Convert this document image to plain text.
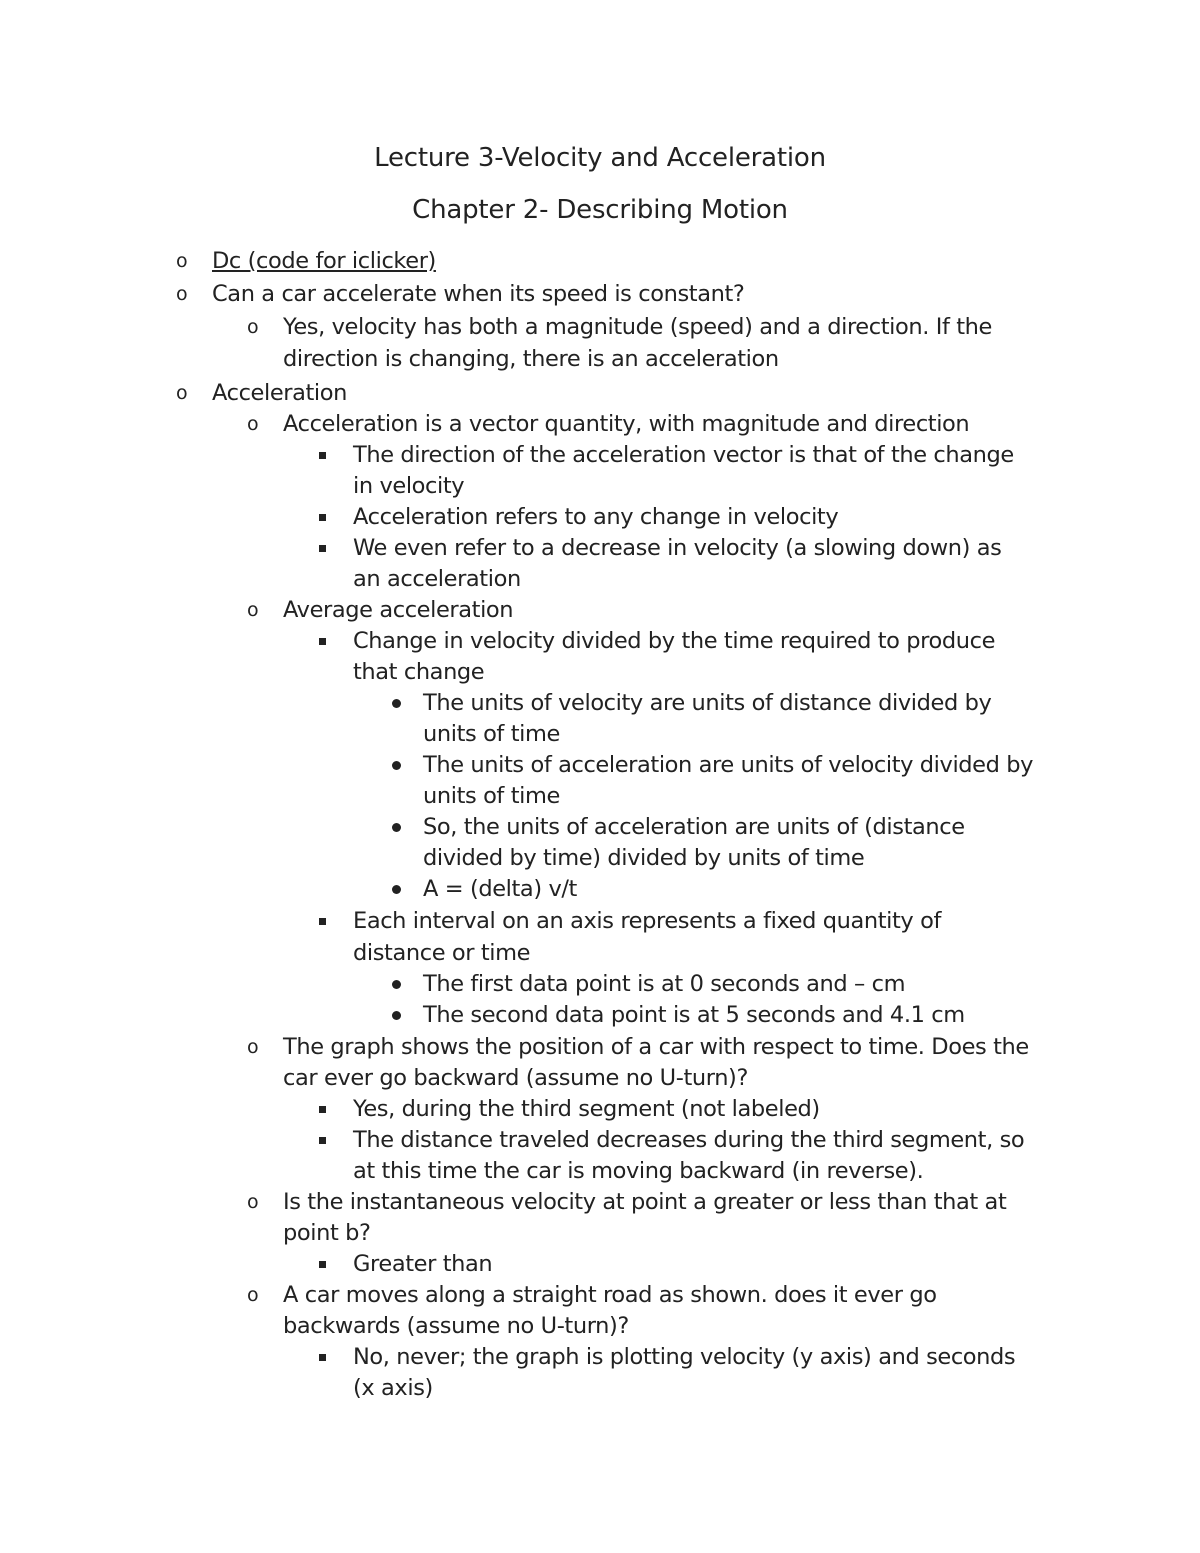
Lecture 3-Velocity and Acceleration
Chapter 2- Describing Motion
o Dc (code for iclicker)
o Can a car accelerate when its speed is constant?
o Yes, velocity has both a magnitude (speed) and a direction. If the
direction is changing, there is an acceleration
o Acceleration
o Acceleration is a vector quantity, with magnitude and direction
The direction of the acceleration vector is that of the change
in velocity
Acceleration refers to any change in velocity
We even refer to a decrease in velocity (a slowing down) as
an acceleration
o Average acceleration
Change in velocity divided by the time required to produce
that change
The units of velocity are units of distance divided by
units of time
The units of acceleration are units of velocity divided by
units of time
So, the units of acceleration are units of (distance
divided by time) divided by units of time
A = (delta) v/t
Each interval on an axis represents a fixed quantity of
distance or time
The first data point is at 0 seconds and – cm
The second data point is at 5 seconds and 4.1 cm
o The graph shows the position of a car with respect to time. Does the
car ever go backward (assume no U-turn)?
Yes, during the third segment (not labeled)
The distance traveled decreases during the third segment, so
at this time the car is moving backward (in reverse).
o Is the instantaneous velocity at point a greater or less than that at
point b?
Greater than
o A car moves along a straight road as shown. does it ever go
backwards (assume no U-turn)?
No, never; the graph is plotting velocity (y axis) and seconds
(x axis)
